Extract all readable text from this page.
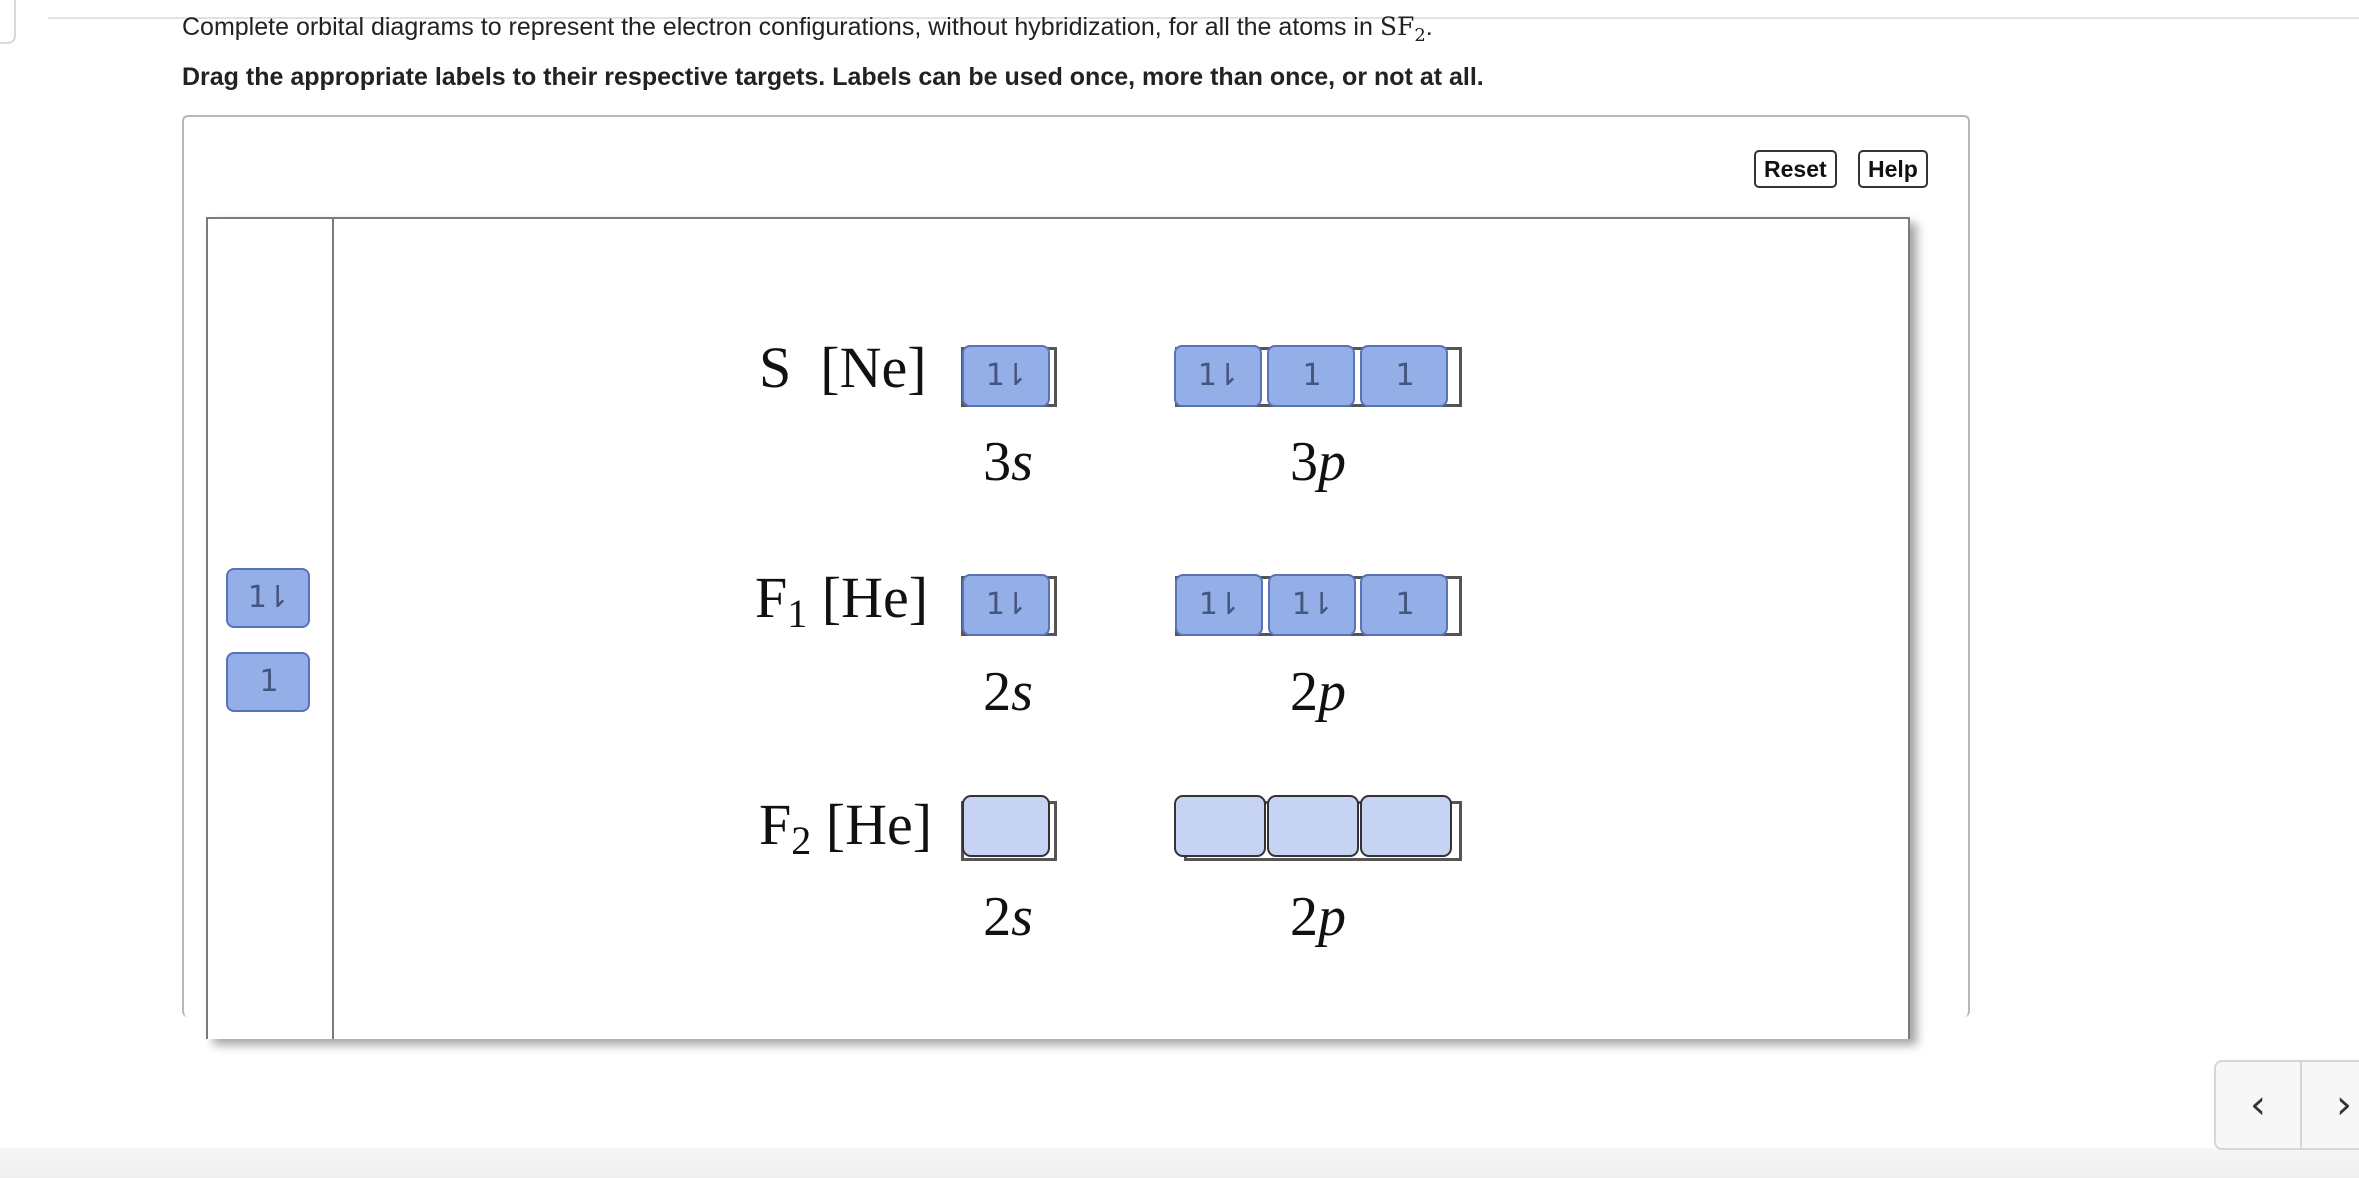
Complete orbital diagrams to represent the electron configurations, without hybridization, for all the atoms in $SF_2$.
Drag the appropriate labels to their respective targets. Labels can be used once, more than once, or not at all.
Reset	Help
1⇂
1
S [Ne]	1⇂
3s
1⇂	1	1
3p
$F_1$ [He]	1⇂
2s
1⇂	1⇂	1
2p
$F_2$ [He]
2s	2p
‹	›
